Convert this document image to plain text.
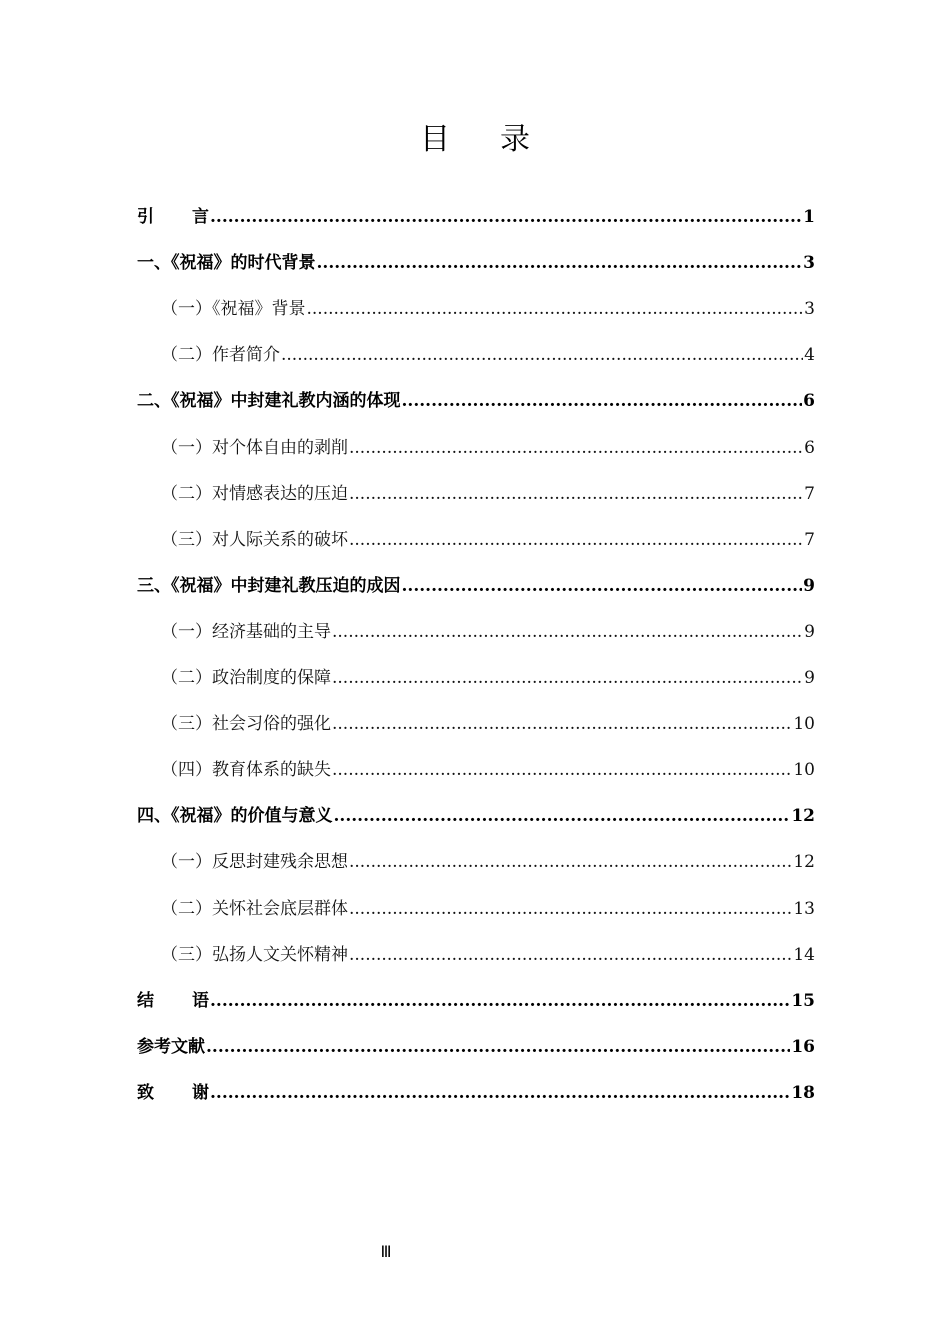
目 录
引 言 .....	1
一、《祝福》的时代背景 .....	3
（一）《祝福》背景 .....	3
（二）作者简介 .....	4
二、《祝福》中封建礼教内涵的体现 .....	6
（一）对个体自由的剥削 .....	6
（二）对情感表达的压迫 .....	7
（三）对人际关系的破坏 .....	7
三、《祝福》中封建礼教压迫的成因 .....	9
（一）经济基础的主导 .....	9
（二）政治制度的保障 .....	9
（三）社会习俗的强化 .....	10
（四）教育体系的缺失 .....	10
四、《祝福》的价值与意义 .....	12
（一）反思封建残余思想 .....	12
（二）关怀社会底层群体 .....	13
（三）弘扬人文关怀精神 .....	14
结 语 .....	15
参考文献 .....	16
致 谢 .....	18
Ⅲ
